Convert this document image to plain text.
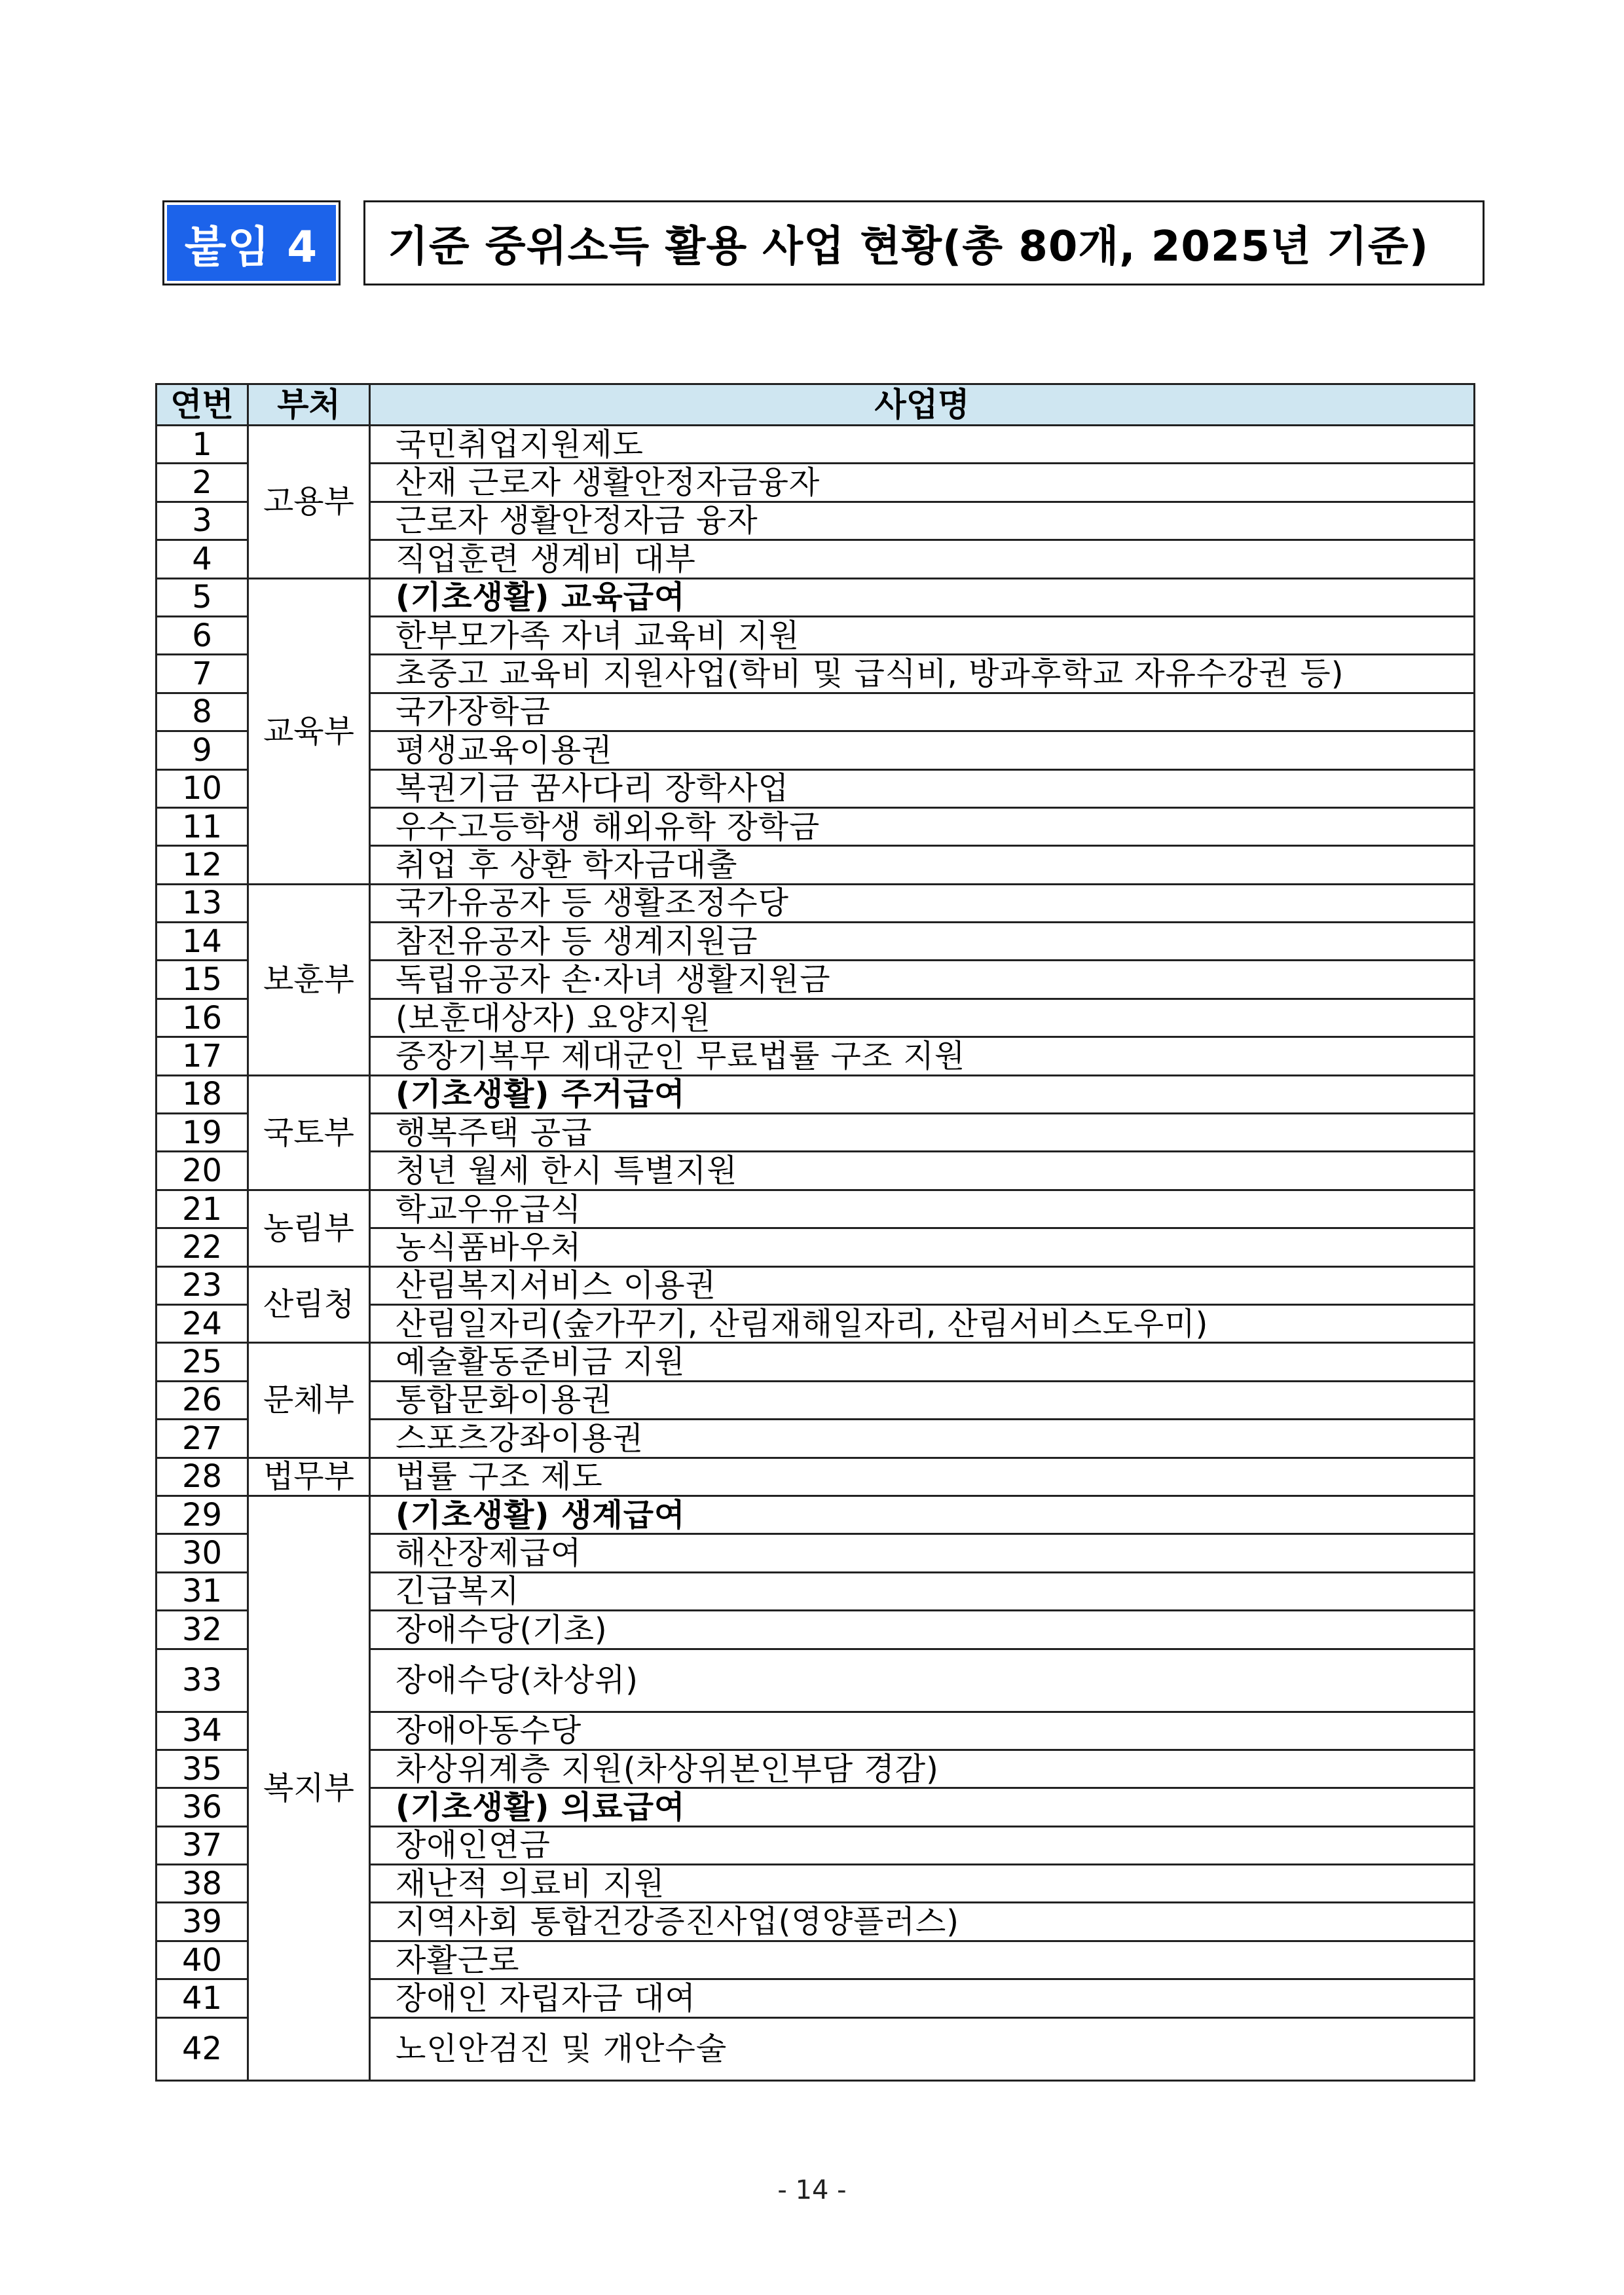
붙임 4	기준 중위소득 활용 사업 현황(총 80개, 2025년 기준)
연번	부처	사업명
1	고용부	국민취업지원제도
2		산재 근로자 생활안정자금융자
3		근로자 생활안정자금 융자
4		직업훈련 생계비 대부
5	교육부	(기초생활) 교육급여
6		한부모가족 자녀 교육비 지원
7		초중고 교육비 지원사업(학비 및 급식비, 방과후학교 자유수강권 등)
8		국가장학금
9		평생교육이용권
10		복권기금 꿈사다리 장학사업
11		우수고등학생 해외유학 장학금
12		취업 후 상환 학자금대출
13	보훈부	국가유공자 등 생활조정수당
14		참전유공자 등 생계지원금
15		독립유공자 손·자녀 생활지원금
16		(보훈대상자) 요양지원
17		중장기복무 제대군인 무료법률 구조 지원
18	국토부	(기초생활) 주거급여
19		행복주택 공급
20		청년 월세 한시 특별지원
21	농림부	학교우유급식
22		농식품바우처
23	산림청	산림복지서비스 이용권
24		산림일자리(숲가꾸기, 산림재해일자리, 산림서비스도우미)
25	문체부	예술활동준비금 지원
26		통합문화이용권
27		스포츠강좌이용권
28	법무부	법률 구조 제도
29	복지부	(기초생활) 생계급여
30		해산장제급여
31		긴급복지
32		장애수당(기초)
33		장애수당(차상위)
34		장애아동수당
35		차상위계층 지원(차상위본인부담 경감)
36		(기초생활) 의료급여
37		장애인연금
38		재난적 의료비 지원
39		지역사회 통합건강증진사업(영양플러스)
40		자활근로
41		장애인 자립자금 대여
42		노인안검진 및 개안수술
- 14 -
